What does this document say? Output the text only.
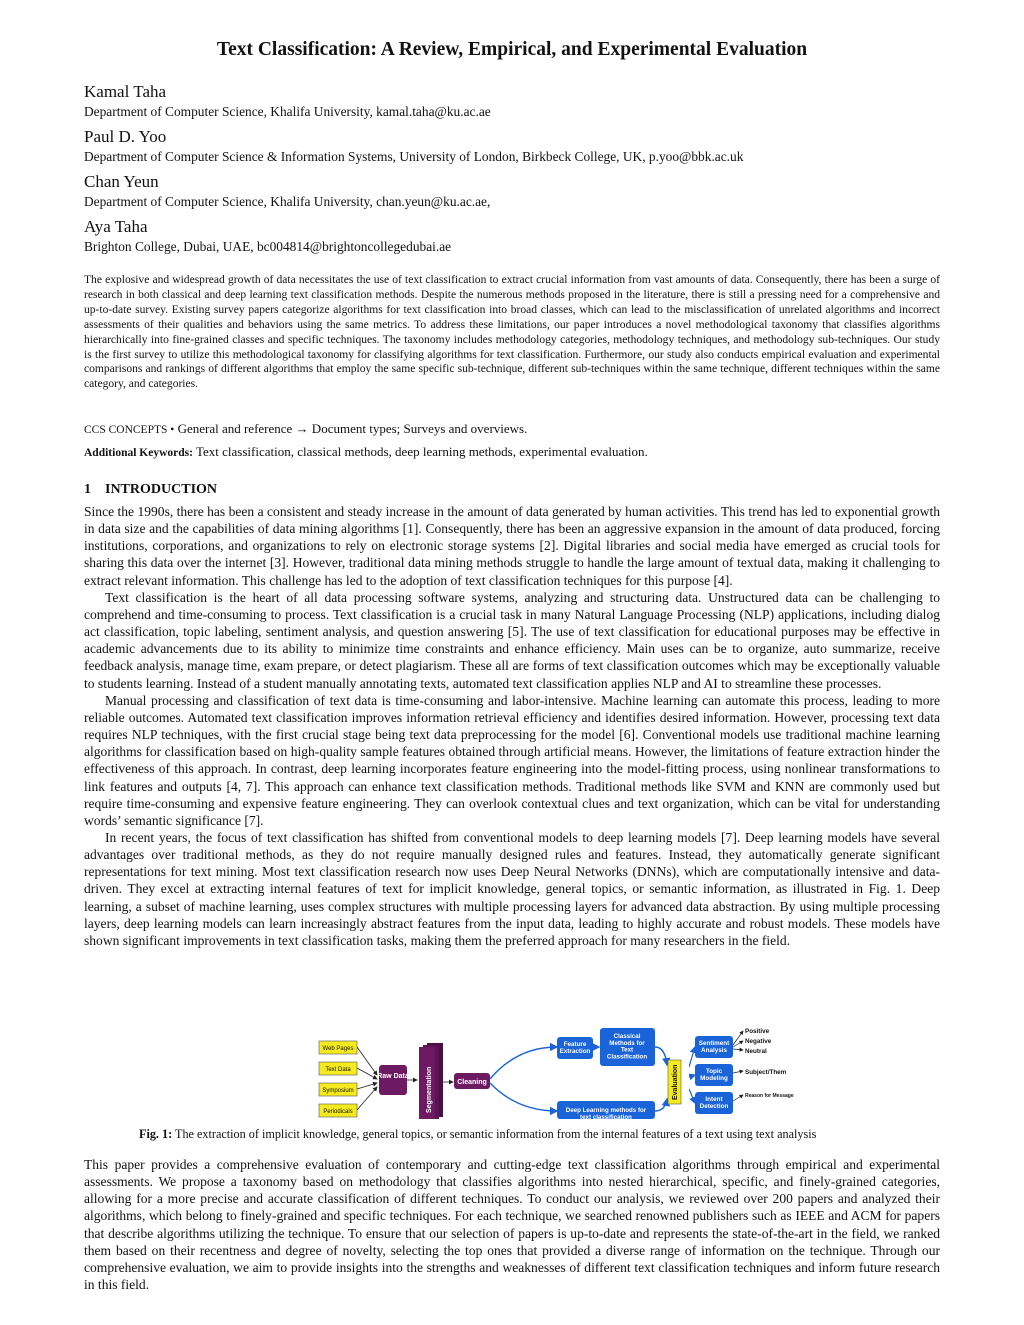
Text Classification: A Review, Empirical, and Experimental Evaluation
Kamal Taha
Department of Computer Science, Khalifa University, kamal.taha@ku.ac.ae
Paul D. Yoo
Department of Computer Science & Information Systems, University of London, Birkbeck College, UK, p.yoo@bbk.ac.uk
Chan Yeun
Department of Computer Science, Khalifa University, chan.yeun@ku.ac.ae,
Aya Taha
Brighton College, Dubai, UAE, bc004814@brightoncollegedubai.ae
The explosive and widespread growth of data necessitates the use of text classification to extract crucial information from vast amounts of data. Consequently, there has been a surge of research in both classical and deep learning text classification methods. Despite the numerous methods proposed in the literature, there is still a pressing need for a comprehensive and up-to-date survey. Existing survey papers categorize algorithms for text classification into broad classes, which can lead to the misclassification of unrelated algorithms and incorrect assessments of their qualities and behaviors using the same metrics. To address these limitations, our paper introduces a novel methodological taxonomy that classifies algorithms hierarchically into fine-grained classes and specific techniques. The taxonomy includes methodology categories, methodology techniques, and methodology sub-techniques. Our study is the first survey to utilize this methodological taxonomy for classifying algorithms for text classification. Furthermore, our study also conducts empirical evaluation and experimental comparisons and rankings of different algorithms that employ the same specific sub-technique, different sub-techniques within the same technique, different techniques within the same category, and categories.
CCS CONCEPTS • General and reference → Document types; Surveys and overviews.
Additional Keywords: Text classification, classical methods, deep learning methods, experimental evaluation.
1 INTRODUCTION

Since the 1990s, there has been a consistent and steady increase in the amount of data generated by human activities. This trend has led to exponential growth in data size and the capabilities of data mining algorithms [1]. Consequently, there has been an aggressive expansion in the amount of data produced, forcing institutions, corporations, and organizations to rely on electronic storage systems [2]. Digital libraries and social media have emerged as crucial tools for sharing this data over the internet [3]. However, traditional data mining methods struggle to handle the large amount of textual data, making it challenging to extract relevant information. This challenge has led to the adoption of text classification techniques for this purpose [4].

Text classification is the heart of all data processing software systems, analyzing and structuring data. Unstructured data can be challenging to comprehend and time-consuming to process. Text classification is a crucial task in many Natural Language Processing (NLP) applications, including dialog act classification, topic labeling, sentiment analysis, and question answering [5]. The use of text classification for educational purposes may be effective in academic advancements due to its ability to minimize time constraints and enhance efficiency. Main uses can be to organize, auto summarize, receive feedback analysis, manage time, exam prepare, or detect plagiarism. These all are forms of text classification outcomes which may be exceptionally valuable to students learning. Instead of a student manually annotating texts, automated text classification applies NLP and AI to streamline these processes.

Manual processing and classification of text data is time-consuming and labor-intensive. Machine learning can automate this process, leading to more reliable outcomes. Automated text classification improves information retrieval efficiency and identifies desired information. However, processing text data requires NLP techniques, with the first crucial stage being text data preprocessing for the model [6]. Conventional models use traditional machine learning algorithms for classification based on high-quality sample features obtained through artificial means. However, the limitations of feature extraction hinder the effectiveness of this approach. In contrast, deep learning incorporates feature engineering into the model-fitting process, using nonlinear transformations to link features and outputs [4, 7]. This approach can enhance text classification methods. Traditional methods like SVM and KNN are commonly used but require time-consuming and expensive feature engineering. They can overlook contextual clues and text organization, which can be vital for understanding words’ semantic significance [7].

In recent years, the focus of text classification has shifted from conventional models to deep learning models [7]. Deep learning models have several advantages over traditional methods, as they do not require manually designed rules and features. Instead, they automatically generate significant representations for text mining. Most text classification research now uses Deep Neural Networks (DNNs), which are computationally intensive and data-driven. They excel at extracting internal features of text for implicit knowledge, general topics, or semantic information, as illustrated in Fig. 1. Deep learning, a subset of machine learning, uses complex structures with multiple processing layers for advanced data abstraction. By using multiple processing layers, deep learning models can learn increasingly abstract features from the input data, leading to highly accurate and robust models. These models have shown significant improvements in text classification tasks, making them the preferred approach for many researchers in the field.

Web Pages
Text Data
Symposium
Periodicals
Raw Data Segmentation	Cleaning
Feature Extraction
Classical Methods for Text Classification
Deep Learning methods for text classification
Evaluation
Sentiment Analysis
Topic Modeling
Intent Detection
Positive
Negative
Neutral
Subject/Them
Reason for Message
Fig. 1: The extraction of implicit knowledge, general topics, or semantic information from the internal features of a text using text analysis

This paper provides a comprehensive evaluation of contemporary and cutting-edge text classification algorithms through empirical and experimental assessments. We propose a taxonomy based on methodology that classifies algorithms into nested hierarchical, specific, and finely-grained categories, allowing for a more precise and accurate classification of different techniques. To conduct our analysis, we reviewed over 200 papers and analyzed their algorithms, which belong to finely-grained and specific techniques. For each technique, we searched renowned publishers such as IEEE and ACM for papers that describe algorithms utilizing the technique. To ensure that our selection of papers is up-to-date and represents the state-of-the-art in the field, we ranked them based on their recentness and degree of novelty, selecting the top ones that provided a diverse range of information on the technique. Through our comprehensive evaluation, we aim to provide insights into the strengths and weaknesses of different text classification techniques and inform future research in this field.
